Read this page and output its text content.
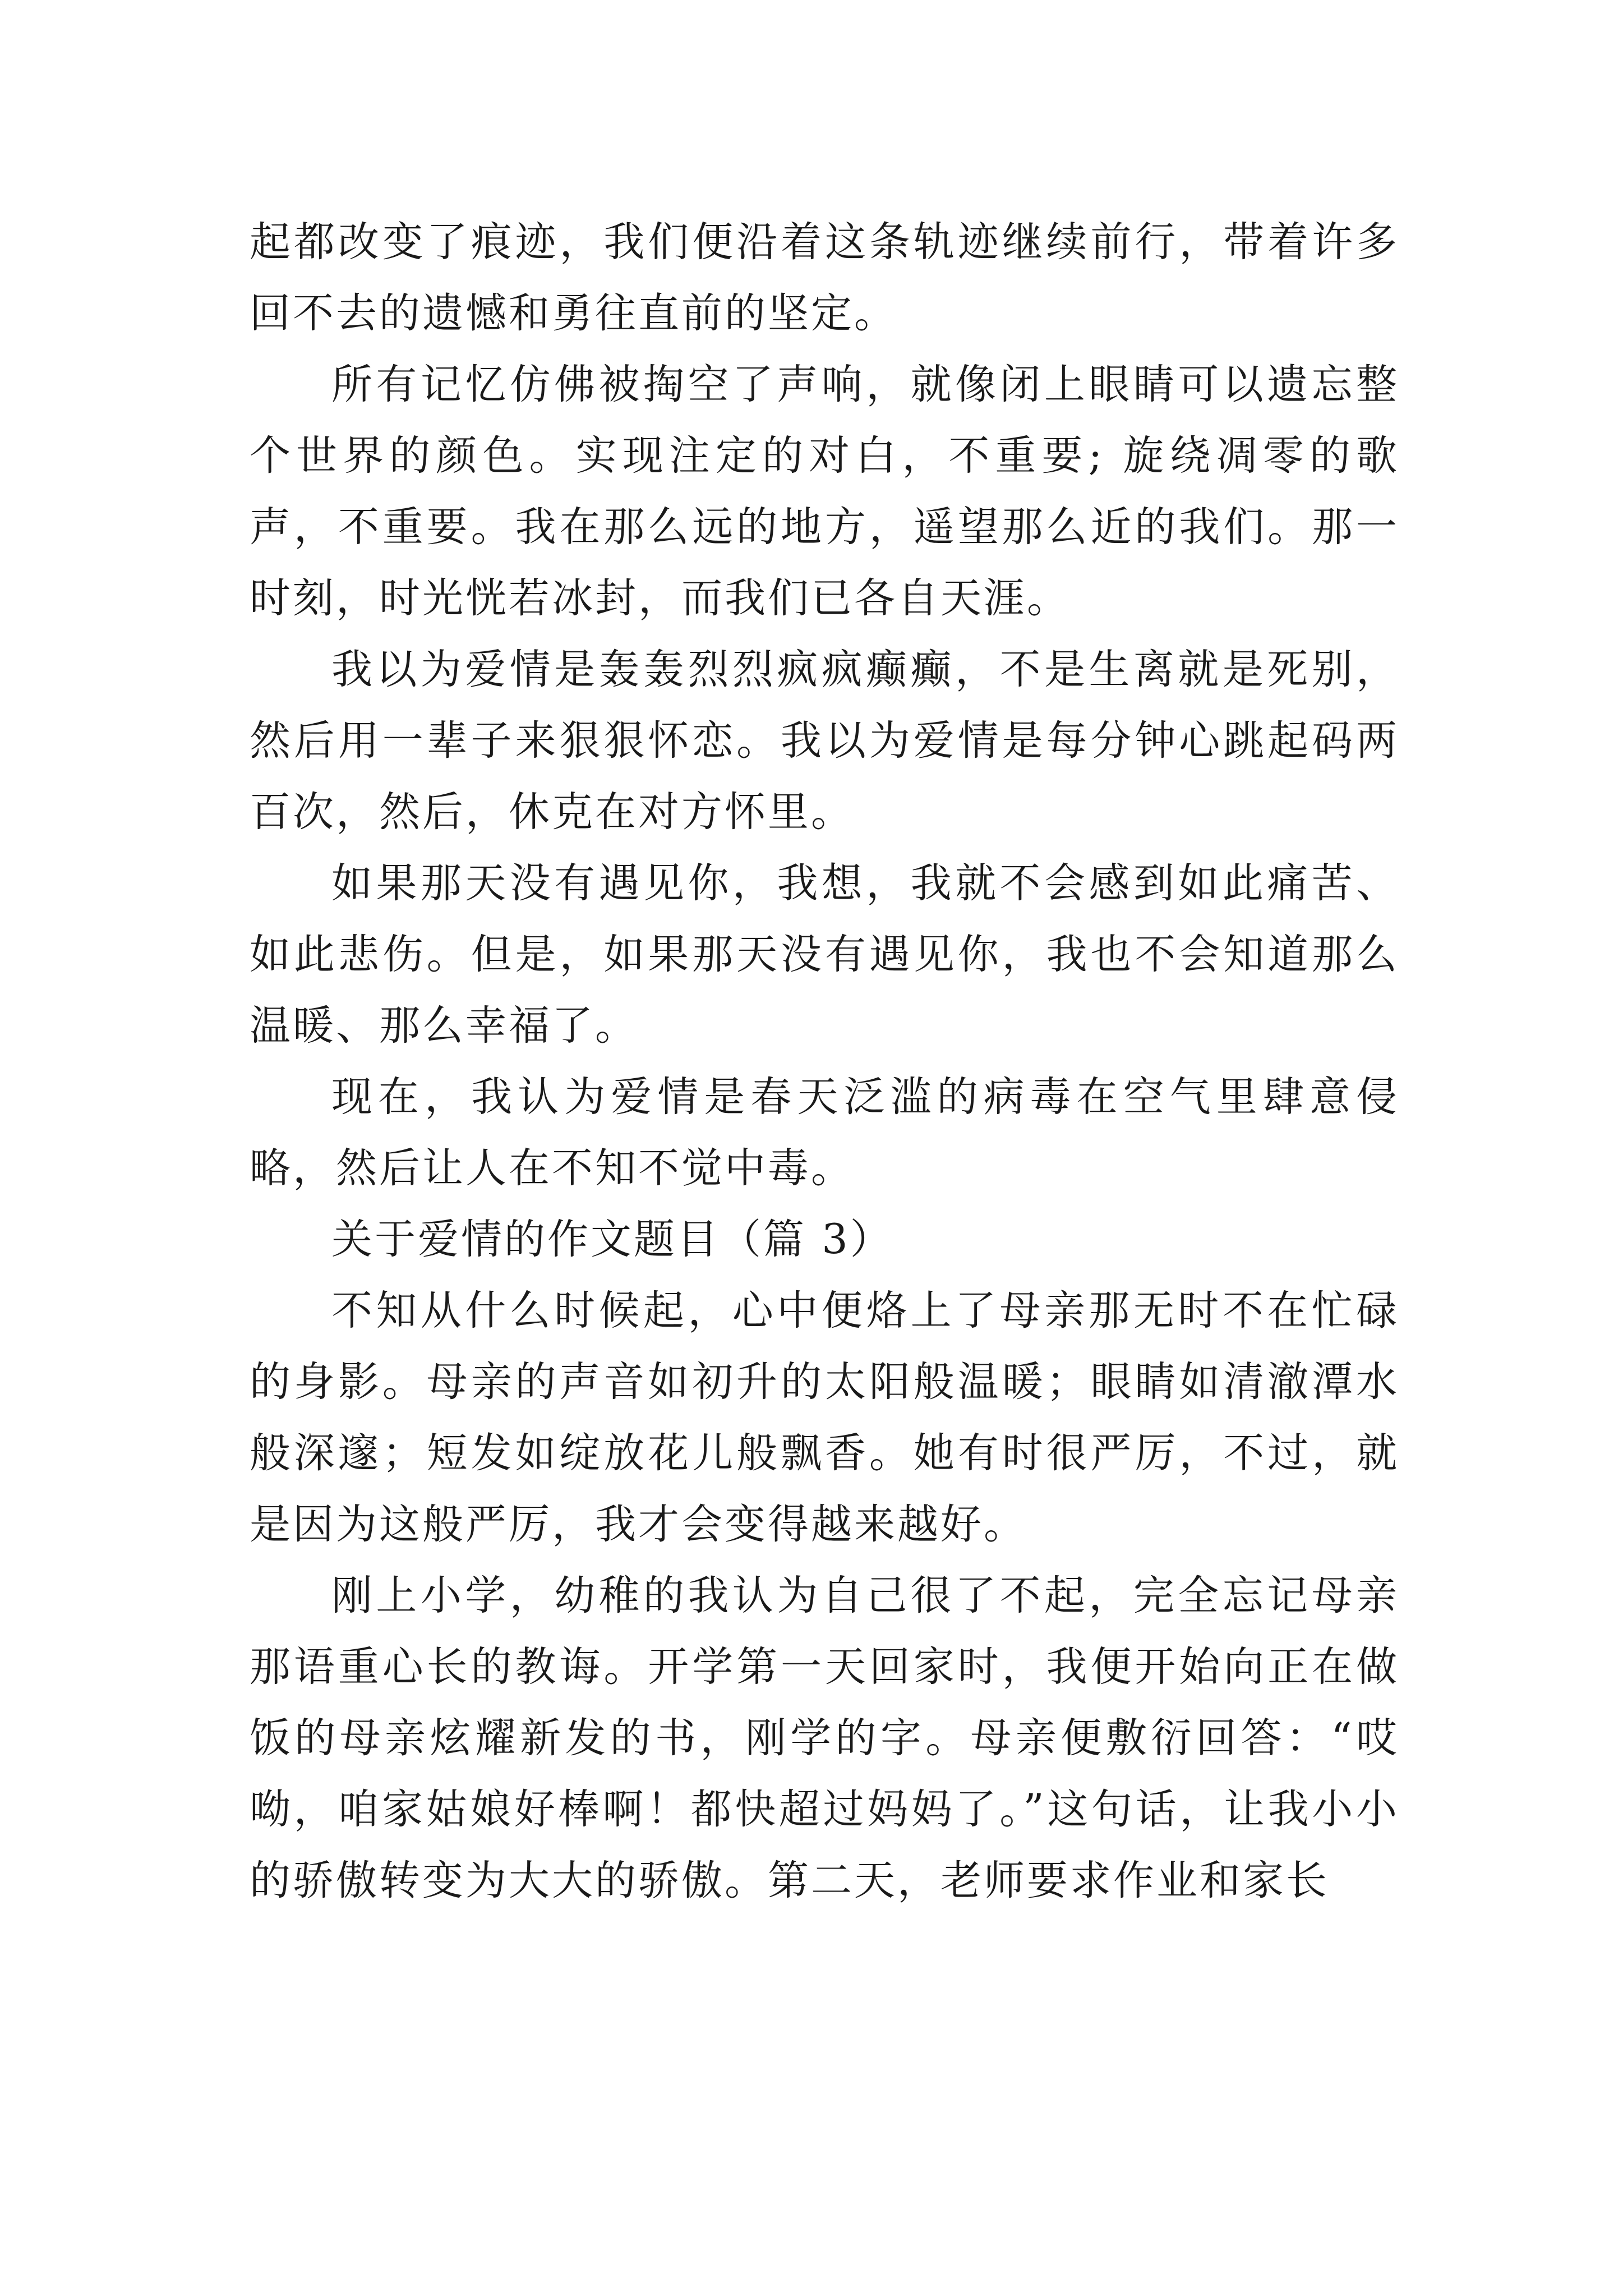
起都改变了痕迹，我们便沿着这条轨迹继续前行，带着许多回不去的遗憾和勇往直前的坚定。

所有记忆仿佛被掏空了声响，就像闭上眼睛可以遗忘整个世界的颜色。实现注定的对白，不重要; 旋绕凋零的歌声，不重要。我在那么远的地方，遥望那么近的我们。那一时刻，时光恍若冰封，而我们已各自天涯。

我以为爱情是轰轰烈烈疯疯癫癫，不是生离就是死别，然后用一辈子来狠狠怀恋。我以为爱情是每分钟心跳起码两百次，然后，休克在对方怀里。

如果那天没有遇见你，我想，我就不会感到如此痛苦、如此悲伤。但是，如果那天没有遇见你，我也不会知道那么温暖、那么幸福了。

现在，我认为爱情是春天泛滥的病毒在空气里肆意侵略，然后让人在不知不觉中毒。

关于爱情的作文题目（篇 3）

不知从什么时候起，心中便烙上了母亲那无时不在忙碌的身影。母亲的声音如初升的太阳般温暖；眼睛如清澈潭水般深邃；短发如绽放花儿般飘香。她有时很严厉，不过，就是因为这般严厉，我才会变得越来越好。

刚上小学，幼稚的我认为自己很了不起，完全忘记母亲那语重心长的教诲。开学第一天回家时，我便开始向正在做饭的母亲炫耀新发的书，刚学的字。母亲便敷衍回答：“哎呦，咱家姑娘好棒啊！都快超过妈妈了。”这句话，让我小小的骄傲转变为大大的骄傲。第二天，老师要求作业和家长
